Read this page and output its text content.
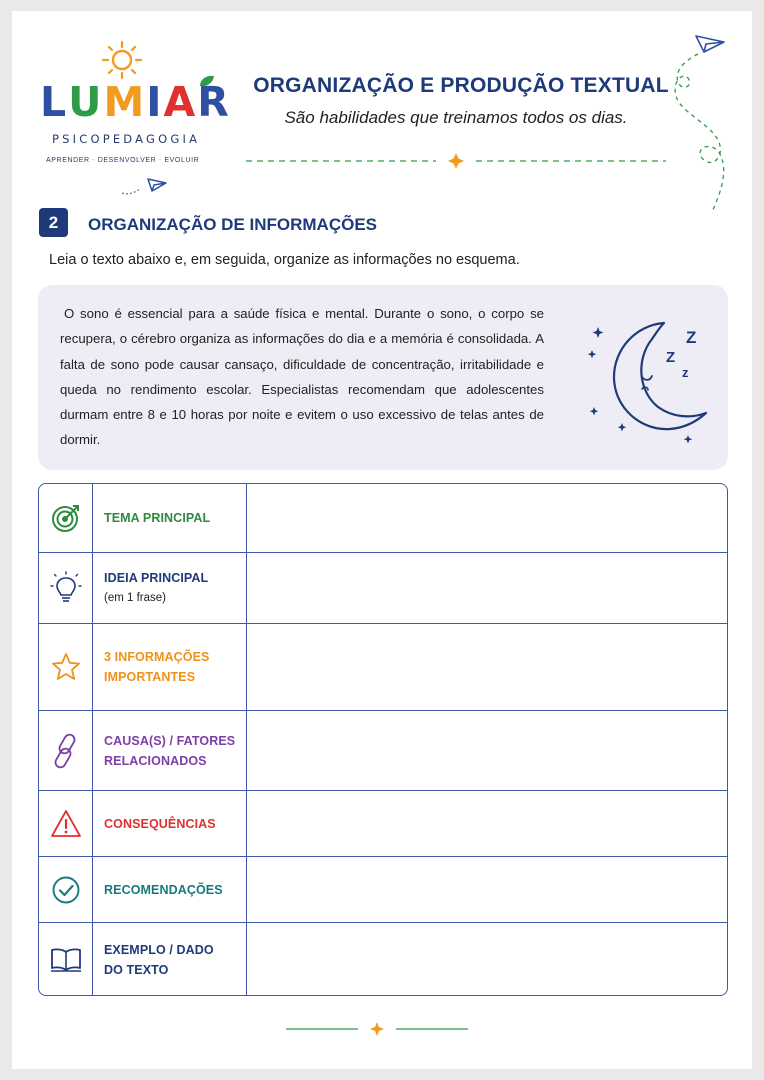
LUMIAR
PSICOPEDAGOGIA
APRENDER - DESENVOLVER - EVOLUIR
ORGANIZAÇÃO E PRODUÇÃO TEXTUAL
São habilidades que treinamos todos os dias.
2	ORGANIZAÇÃO DE INFORMAÇÕES
Leia o texto abaixo e, em seguida, organize as informações no esquema.
O sono é essencial para a saúde física e mental. Durante o sono, o corpo se recupera, o cérebro organiza as informações do dia e a memória é consolidada. A falta de sono pode causar cansaço, dificuldade de concentração, irritabilidade e queda no rendimento escolar. Especialistas recomendam que adolescentes durmam entre 8 e 10 horas por noite e evitem o uso excessivo de telas antes de dormir.
Z
Z
z
TEMA PRINCIPAL
IDEIA PRINCIPAL
(em 1 frase)
3 INFORMAÇÕES
IMPORTANTES
CAUSA(S) / FATORES
RELACIONADOS
CONSEQUÊNCIAS
RECOMENDAÇÕES
EXEMPLO / DADO
DO TEXTO
